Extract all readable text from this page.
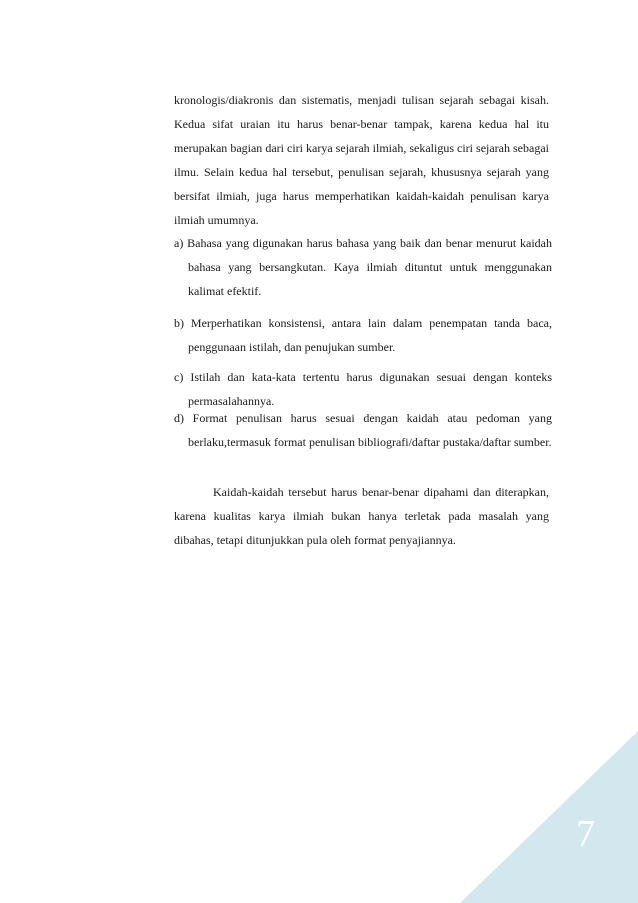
kronologis/diakronis dan sistematis, menjadi tulisan sejarah sebagai kisah. Kedua sifat uraian itu harus benar-benar tampak, karena kedua hal itu merupakan bagian dari ciri karya sejarah ilmiah, sekaligus ciri sejarah sebagai ilmu. Selain kedua hal tersebut, penulisan sejarah, khususnya sejarah yang bersifat ilmiah, juga harus memperhatikan kaidah-kaidah penulisan karya ilmiah umumnya.

a) Bahasa yang digunakan harus bahasa yang baik dan benar menurut kaidah bahasa yang bersangkutan. Kaya ilmiah dituntut untuk menggunakan kalimat efektif.

b) Merperhatikan konsistensi, antara lain dalam penempatan tanda baca, penggunaan istilah, dan penujukan sumber.

c) Istilah dan kata-kata tertentu harus digunakan sesuai dengan konteks permasalahannya.

d) Format penulisan harus sesuai dengan kaidah atau pedoman yang berlaku,termasuk format penulisan bibliografi/daftar pustaka/daftar sumber.

Kaidah-kaidah tersebut harus benar-benar dipahami dan diterapkan, karena kualitas karya ilmiah bukan hanya terletak pada masalah yang dibahas, tetapi ditunjukkan pula oleh format penyajiannya.

7
